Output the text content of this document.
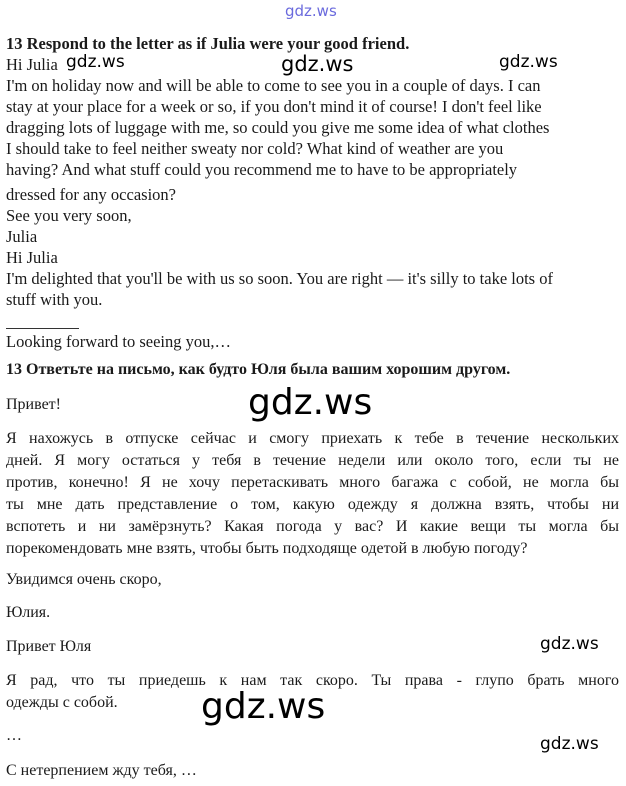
gdz.ws
gdz.ws	gdz.ws	gdz.ws
gdz.ws
gdz.ws
gdz.ws
gdz.ws
13 Respond to the letter as if Julia were your good friend.
Hi Julia
I'm on holiday now and will be able to come to see you in a couple of days. I can
stay at your place for a week or so, if you don't mind it of course! I don't feel like
dragging lots of luggage with me, so could you give me some idea of what clothes
I should take to feel neither sweaty nor cold? What kind of weather are you
having? And what stuff could you recommend me to have to be appropriately
dressed for any occasion?
See you very soon,
Julia
Hi Julia
I'm delighted that you'll be with us so soon. You are right — it's silly to take lots of
stuff with you.
Looking forward to seeing you,…
13 Ответьте на письмо, как будто Юля была вашим хорошим другом.
Привет!
Я нахожусь в отпуске сейчас и смогу приехать к тебе в течение нескольких
дней. Я могу остаться у тебя в течение недели или около того, если ты не
против, конечно! Я не хочу перетаскивать много багажа с собой, не могла бы
ты мне дать представление о том, какую одежду я должна взять, чтобы ни
вспотеть и ни замёрзнуть? Какая погода у вас? И какие вещи ты могла бы
порекомендовать мне взять, чтобы быть подходяще одетой в любую погоду?
Увидимся очень скоро,
Юлия.
Привет Юля
Я рад, что ты приедешь к нам так скоро. Ты права - глупо брать много
одежды с собой.
…
С нетерпением жду тебя, …
